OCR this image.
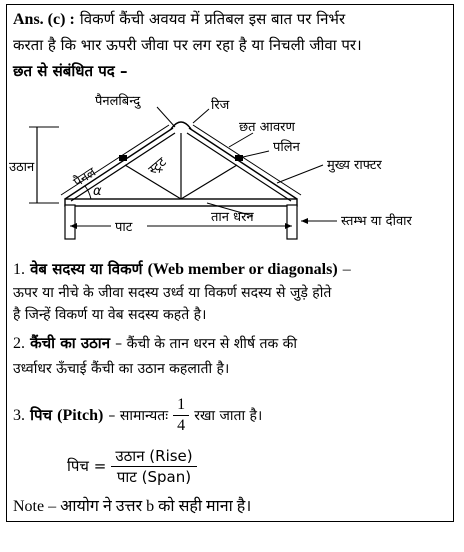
Ans. (c) : विकर्ण कैंची अवयव में प्रतिबल इस बात पर निर्भर
करता है कि भार ऊपरी जीवा पर लग रहा है या निचली जीवा पर।
छत से संबंधित पद –
पैनलबिन्दु	रिज
छत आवरण
पलिन
मुख्य राफ्टर
उठान	पैनल	स्ट्रट
α
पाट
तान धरन	स्तम्भ या दीवार
1. वेब सदस्य या विकर्ण (Web member or diagonals) –
ऊपर या नीचे के जीवा सदस्य उर्ध्व या विकर्ण सदस्य से जुड़े होते
है जिन्हें विकर्ण या वेब सदस्य कहते है।
2. कैंची का उठान – कैंची के तान धरन से शीर्ष तक की
उर्ध्वाधर ऊँचाई कैंची का उठान कहलाती है।
3. पिच (Pitch) – सामान्यतः $\frac{1}{4}$ रखा जाता है।
पिच = $\frac{\text{उठान (Rise)}}{\text{पाट (Span)}}$
Note – आयोग ने उत्तर b को सही माना है।
